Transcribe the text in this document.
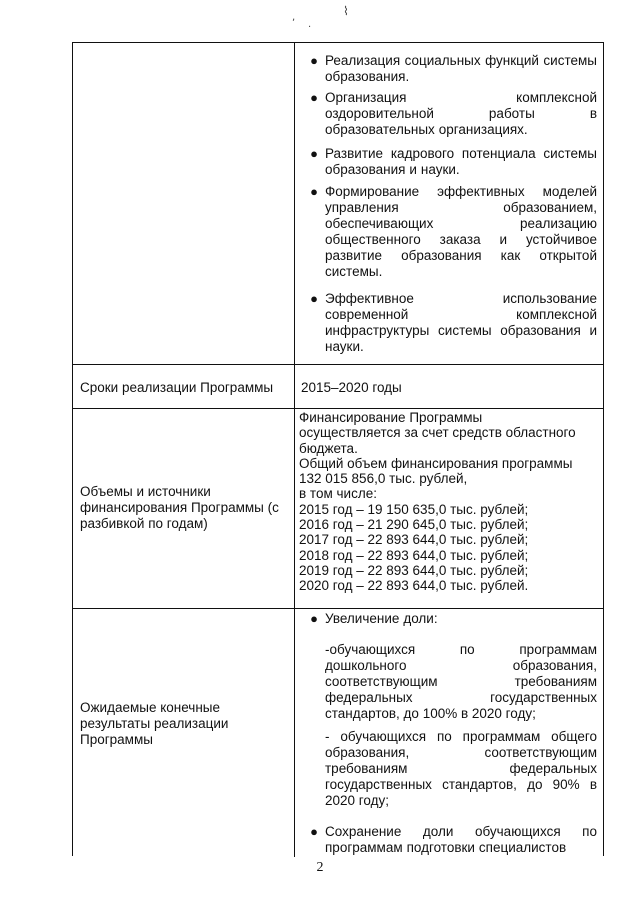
,
.
⌇
● Реализация социальных функций системы образования.
● Организация комплексной оздоровительной работы в образовательных организациях.
● Развитие кадрового потенциала системы образования и науки.
● Формирование эффективных моделей управления образованием, обеспечивающих реализацию общественного заказа и устойчивое развитие образования как открытой системы.
● Эффективное использование современной комплексной инфраструктуры системы образования и науки.
Сроки реализации Программы	2015–2020 годы
Объемы и источники финансирования Программы (с разбивкой по годам)
Финансирование Программы
осуществляется за счет средств областного
бюджета.
Общий объем финансирования программы
132 015 856,0 тыс. рублей,
в том числе:
2015 год – 19 150 635,0 тыс. рублей;
2016 год – 21 290 645,0 тыс. рублей;
2017 год – 22 893 644,0 тыс. рублей;
2018 год – 22 893 644,0 тыс. рублей;
2019 год – 22 893 644,0 тыс. рублей;
2020 год – 22 893 644,0 тыс. рублей.
Ожидаемые конечные результаты реализации Программы
● Увеличение доли:
-обучающихся по программам дошкольного образования, соответствующим требованиям федеральных государственных стандартов, до 100% в 2020 году;
- обучающихся по программам общего образования, соответствующим требованиям федеральных государственных стандартов, до 90% в 2020 году;
● Сохранение доли обучающихся по программам подготовки специалистов
2
